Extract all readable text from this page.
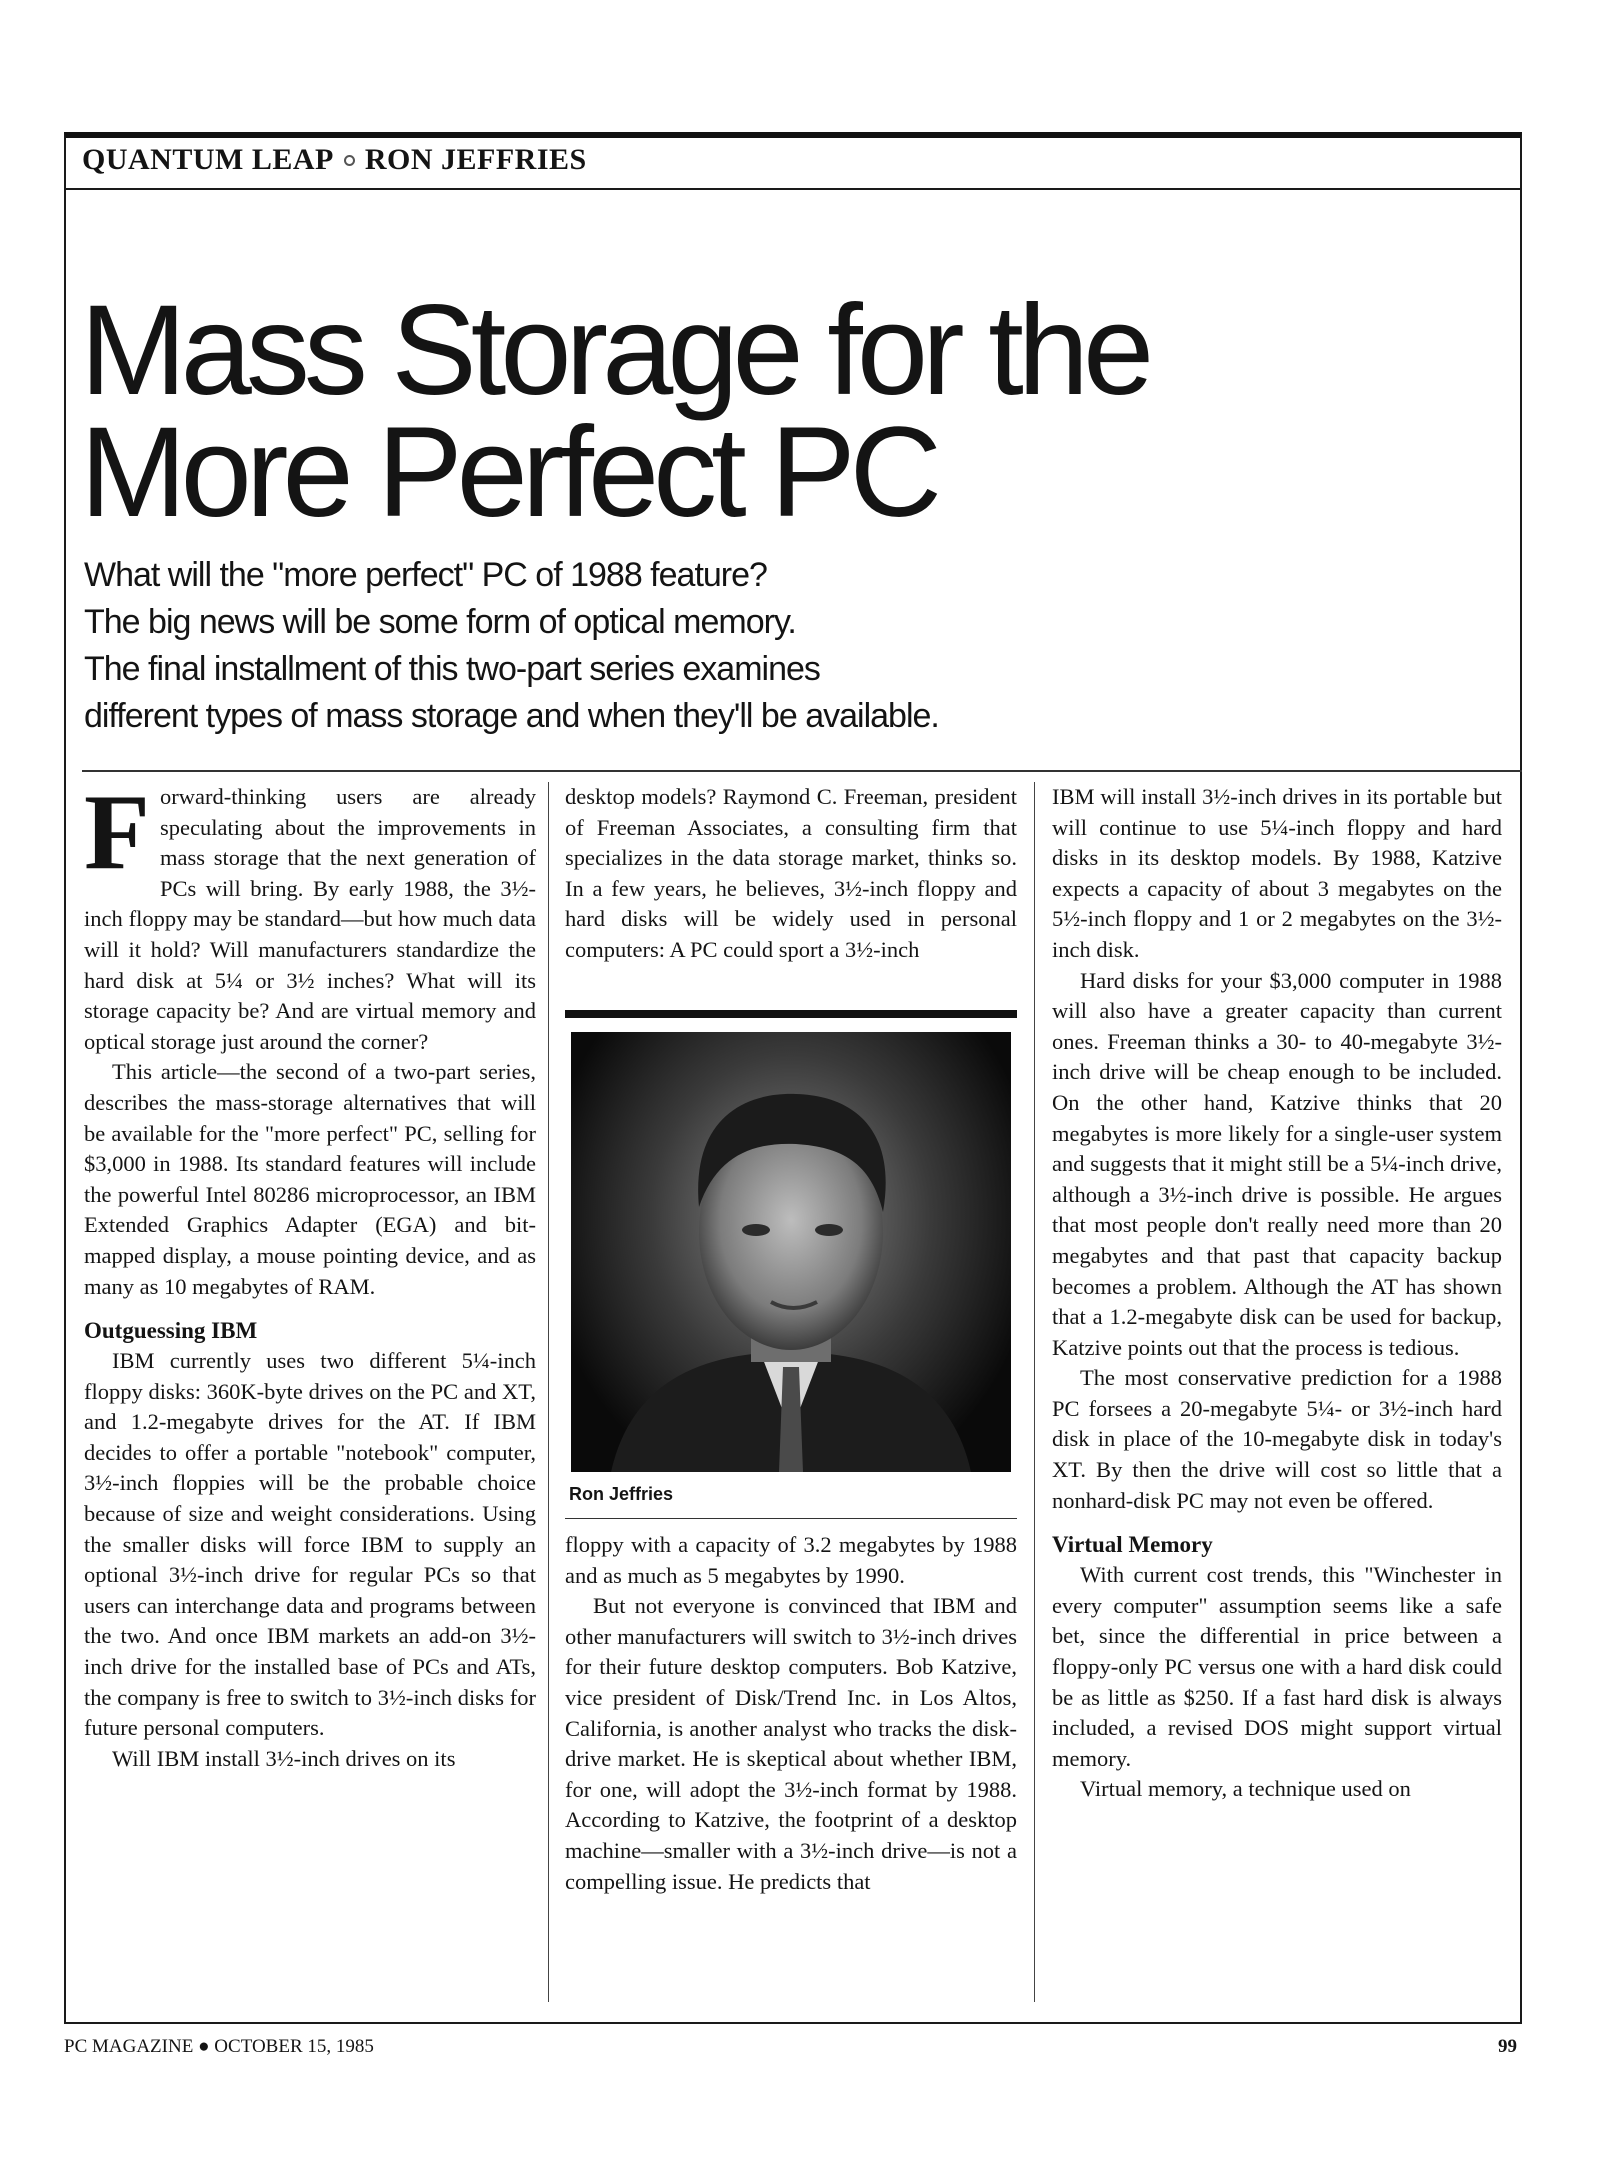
QUANTUM LEAP RON JEFFRIES
Mass Storage for the
More Perfect PC
What will the "more perfect" PC of 1988 feature?
The big news will be some form of optical memory.
The final installment of this two-part series examines
different types of mass storage and when they'll be available.

Forward-thinking users are already speculating about the improvements in mass storage that the next generation of PCs will bring. By early 1988, the 3½-inch floppy may be standard—but how much data will it hold? Will manufacturers standardize the hard disk at 5¼ or 3½ inches? What will its storage capacity be? And are virtual memory and optical storage just around the corner?

This article—the second of a two-part series, describes the mass-storage alternatives that will be available for the "more perfect" PC, selling for $3,000 in 1988. Its standard features will include the powerful Intel 80286 microprocessor, an IBM Extended Graphics Adapter (EGA) and bit-mapped display, a mouse pointing device, and as many as 10 megabytes of RAM.

Outguessing IBM

IBM currently uses two different 5¼-inch floppy disks: 360K-byte drives on the PC and XT, and 1.2-megabyte drives for the AT. If IBM decides to offer a portable "notebook" computer, 3½-inch floppies will be the probable choice because of size and weight considerations. Using the smaller disks will force IBM to supply an optional 3½-inch drive for regular PCs so that users can interchange data and programs between the two. And once IBM markets an add-on 3½-inch drive for the installed base of PCs and ATs, the company is free to switch to 3½-inch disks for future personal computers.

Will IBM install 3½-inch drives on its

desktop models? Raymond C. Freeman, president of Freeman Associates, a consulting firm that specializes in the data storage market, thinks so. In a few years, he believes, 3½-inch floppy and hard disks will be widely used in personal computers: A PC could sport a 3½-inch

Ron Jeffries

floppy with a capacity of 3.2 megabytes by 1988 and as much as 5 megabytes by 1990.

But not everyone is convinced that IBM and other manufacturers will switch to 3½-inch drives for their future desktop computers. Bob Katzive, vice president of Disk/Trend Inc. in Los Altos, California, is another analyst who tracks the disk-drive market. He is skeptical about whether IBM, for one, will adopt the 3½-inch format by 1988. According to Katzive, the footprint of a desktop machine—smaller with a 3½-inch drive—is not a compelling issue. He predicts that

IBM will install 3½-inch drives in its portable but will continue to use 5¼-inch floppy and hard disks in its desktop models. By 1988, Katzive expects a capacity of about 3 megabytes on the 5½-inch floppy and 1 or 2 megabytes on the 3½-inch disk.

Hard disks for your $3,000 computer in 1988 will also have a greater capacity than current ones. Freeman thinks a 30- to 40-megabyte 3½-inch drive will be cheap enough to be included. On the other hand, Katzive thinks that 20 megabytes is more likely for a single-user system and suggests that it might still be a 5¼-inch drive, although a 3½-inch drive is possible. He argues that most people don't really need more than 20 megabytes and that past that capacity backup becomes a problem. Although the AT has shown that a 1.2-megabyte disk can be used for backup, Katzive points out that the process is tedious.

The most conservative prediction for a 1988 PC forsees a 20-megabyte 5¼- or 3½-inch hard disk in place of the 10-megabyte disk in today's XT. By then the drive will cost so little that a nonhard-disk PC may not even be offered.

Virtual Memory

With current cost trends, this "Winchester in every computer" assumption seems like a safe bet, since the differential in price between a floppy-only PC versus one with a hard disk could be as little as $250. If a fast hard disk is always included, a revised DOS might support virtual memory.

Virtual memory, a technique used on

PC MAGAZINE ● OCTOBER 15, 1985	99
